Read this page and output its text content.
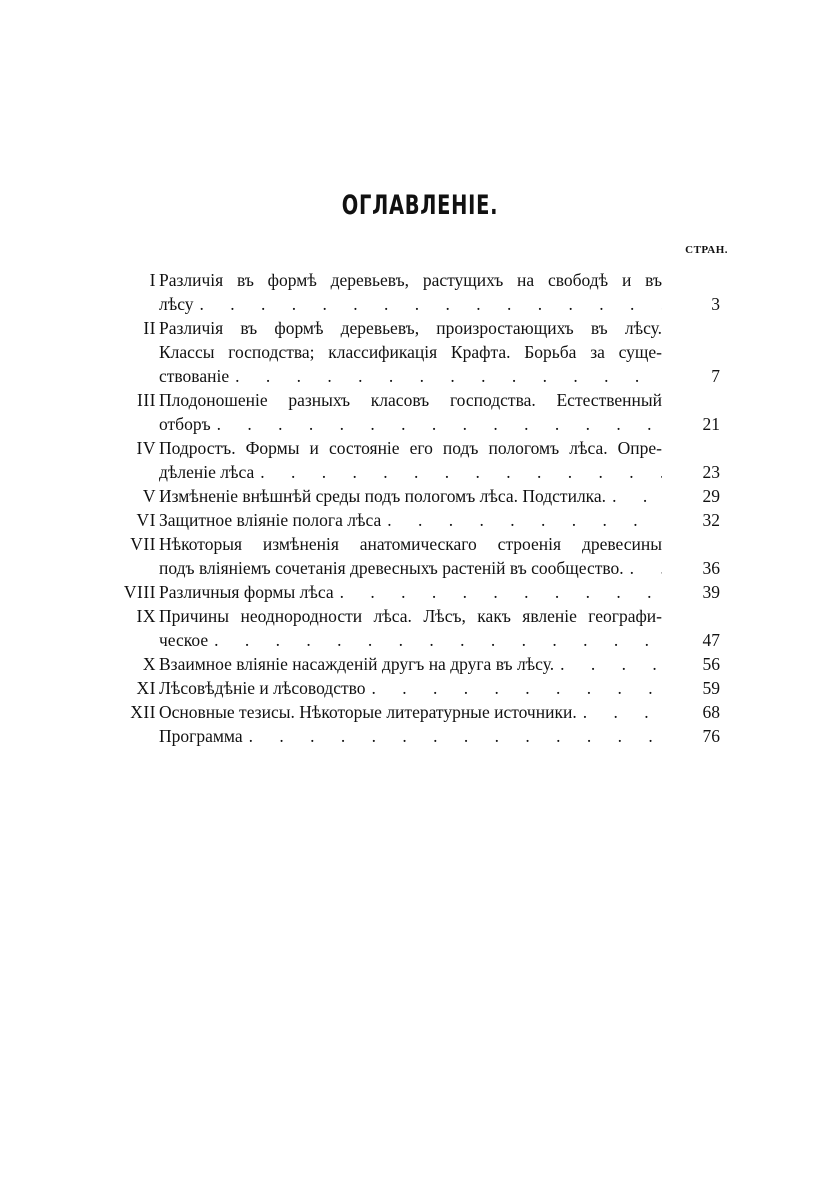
ОГЛАВЛЕНІЕ.
СТРАН.
I Различія въ формѣ деревьевъ, растущихъ на свободѣ и въ
лѣсу . . .	3
II Различія въ формѣ деревьевъ, произростающихъ въ лѣсу.
Классы господства; классификація Крафта. Борьба за суще-
ствованіе . . .	7
III Плодоношеніе разныхъ класовъ господства. Естественный
отборъ . . .	21
IV Подростъ. Формы и состояніе его подъ пологомъ лѣса. Опре-
дѣленіе лѣса . . .	23
V Измѣненіе внѣшнѣй среды подъ пологомъ лѣса. Подстилка. . . .	29
VI Защитное вліяніе полога лѣса . . .	32
VII Нѣкоторыя измѣненія анатомическаго строенія древесины
подъ вліяніемъ сочетанія древесныхъ растеній въ сообщество. . . .	36
VIII Различныя формы лѣса . . .	39
IX Причины неоднородности лѣса. Лѣсъ, какъ явленіе географи-
ческое . . .	47
X Взаимное вліяніе насажденій другъ на друга въ лѣсу. . . .	56
XI Лѣсовѣдѣніе и лѣсоводство . . .	59
XII Основные тезисы. Нѣкоторые литературные источники. . . .	68
Программа . . .	76
